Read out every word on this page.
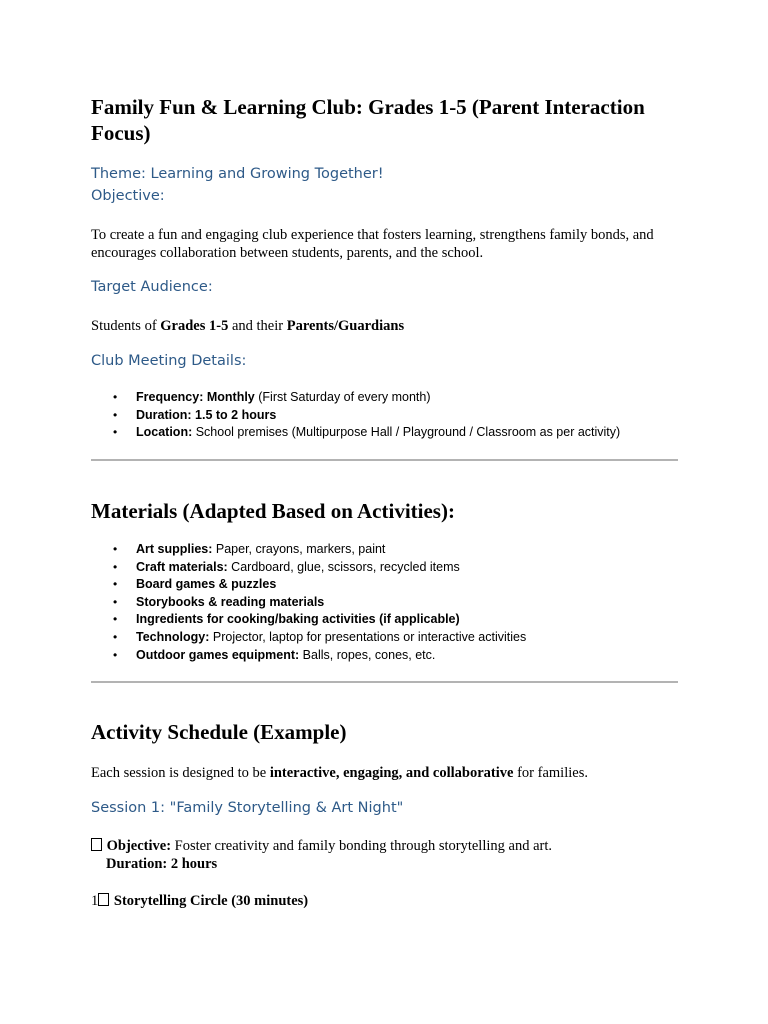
Family Fun & Learning Club: Grades 1-5 (Parent Interaction Focus)
Theme: Learning and Growing Together!
Objective:

To create a fun and engaging club experience that fosters learning, strengthens family bonds, and encourages collaboration between students, parents, and the school.

Target Audience:

Students of Grades 1-5 and their Parents/Guardians

Club Meeting Details:
• Frequency: Monthly (First Saturday of every month)
• Duration: 1.5 to 2 hours
• Location: School premises (Multipurpose Hall / Playground / Classroom as per activity)
Materials (Adapted Based on Activities):
• Art supplies: Paper, crayons, markers, paint
• Craft materials: Cardboard, glue, scissors, recycled items
• Board games & puzzles
• Storybooks & reading materials
• Ingredients for cooking/baking activities (if applicable)
• Technology: Projector, laptop for presentations or interactive activities
• Outdoor games equipment: Balls, ropes, cones, etc.
Activity Schedule (Example)

Each session is designed to be interactive, engaging, and collaborative for families.

Session 1: "Family Storytelling & Art Night"

Objective: Foster creativity and family bonding through storytelling and art.

Duration: 2 hours

1 Storytelling Circle (30 minutes)
